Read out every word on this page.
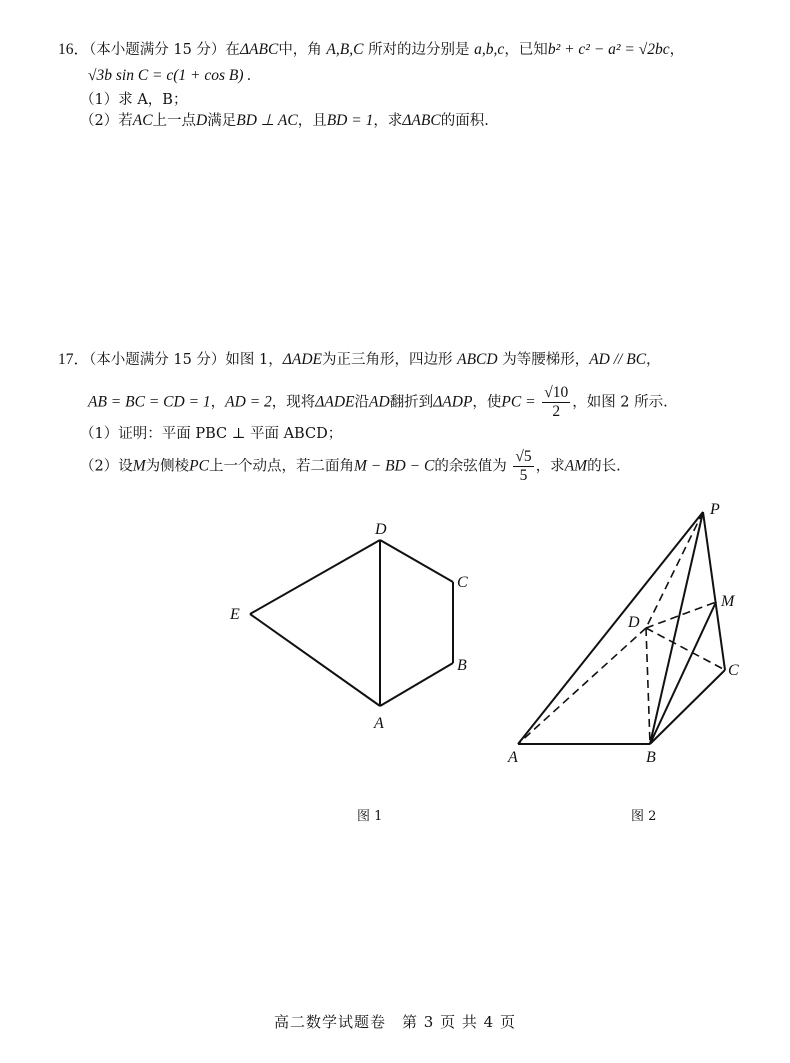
16．（本小题满分 15 分）在ΔABC中，角 A,B,C 所对的边分别是 a,b,c，已知b² + c² − a² = √2bc，
√3b sin C = c(1 + cos B) .
（1）求 A，B；
（2）若AC上一点D满足BD ⊥ AC，且BD = 1，求ΔABC的面积.
17．（本小题满分 15 分）如图 1，ΔADE为正三角形，四边形 ABCD 为等腰梯形，AD // BC，
AB = BC = CD = 1，AD = 2，现将ΔADE沿AD翻折到ΔADP，使PC = $\frac{√10}{2}$ ，如图 2 所示.
（1）证明：平面 PBC ⊥ 平面 ABCD；
（2）设M为侧棱PC上一个动点，若二面角M − BD − C的余弦值为 $\frac{√5}{5}$ ，求AM的长.
D
C
E
B
A
P
M
D
C
A	B
图 1	图 2
高二数学试题卷　第 3 页 共 4 页
